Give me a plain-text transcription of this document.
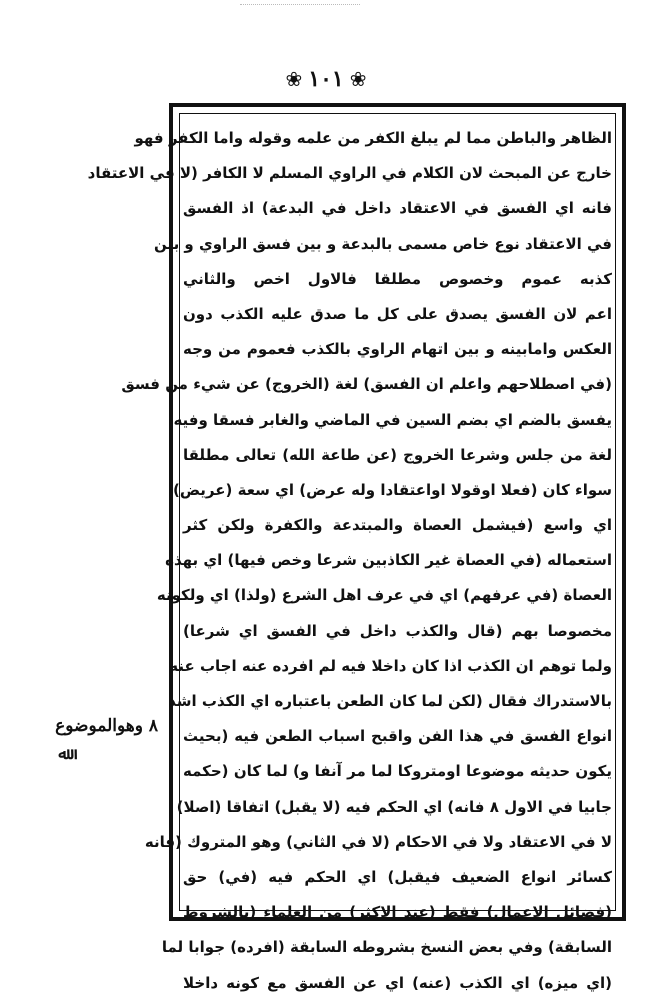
❀ ١٠١ ❀
الظاهر والباطن مما لم يبلغ الكفر من علمه وقوله واما الكفر فهو
خارج عن المبحث لان الكلام في الراوي المسلم لا الكافر (لا في الاعتقاد
فانه اي الفسق في الاعتقاد داخل في البدعة) اذ الفسق
في الاعتقاد نوع خاص مسمى بالبدعة و بين فسق الراوي و بين
كذبه عموم وخصوص مطلقا فالاول اخص والثاني
اعم لان الفسق يصدق على كل ما صدق عليه الكذب دون
العكس وامابينه و بين اتهام الراوي بالكذب فعموم من وجه
(في اصطلاحهم واعلم ان الفسق) لغة (الخروج) عن شيء من فسق
يفسق بالضم اي بضم السين في الماضي والغابر فسقا وفيه
لغة من جلس وشرعا الخروج (عن طاعة الله) تعالى مطلقا
سواء كان (فعلا اوقولا اواعتقادا وله عرض) اي سعة (عريض)
اي واسع (فيشمل العصاة والمبتدعة والكفرة ولكن كثر
استعماله (في العصاة غير الكاذبين شرعا وخص فيها) اي بهذه
العصاة (في عرفهم) اي في عرف اهل الشرع (ولذا) اي ولكونه
مخصوصا بهم (قال والكذب داخل في الفسق اي شرعا)
ولما توهم ان الكذب اذا كان داخلا فيه لم افرده عنه اجاب عنه
بالاستدراك فقال (لكن لما كان الطعن باعتباره اي الكذب اشد
انواع الفسق في هذا الفن واقبح اسباب الطعن فيه (بحيث
يكون حديثه موضوعا اومتروكا لما مر آنفا و) لما كان (حكمه
جابيا في الاول ٨ فانه) اي الحكم فيه (لا يقبل) اتفاقا (اصلا)
لا في الاعتقاد ولا في الاحكام (لا في الثاني) وهو المتروك (فانه
كسائر انواع الضعيف فيقبل) اي الحكم فيه (في) حق
(فضائل الاعمال) فقط (عند الاكثر) من العلماء (بالشروط
السابقة) وفي بعض النسخ بشروطه السابقة (افرده) جوابا لما
(اي ميزه) اي الكذب (عنه) اي عن الفسق مع كونه داخلا
٨ وهوالموضوع
ﷲ
